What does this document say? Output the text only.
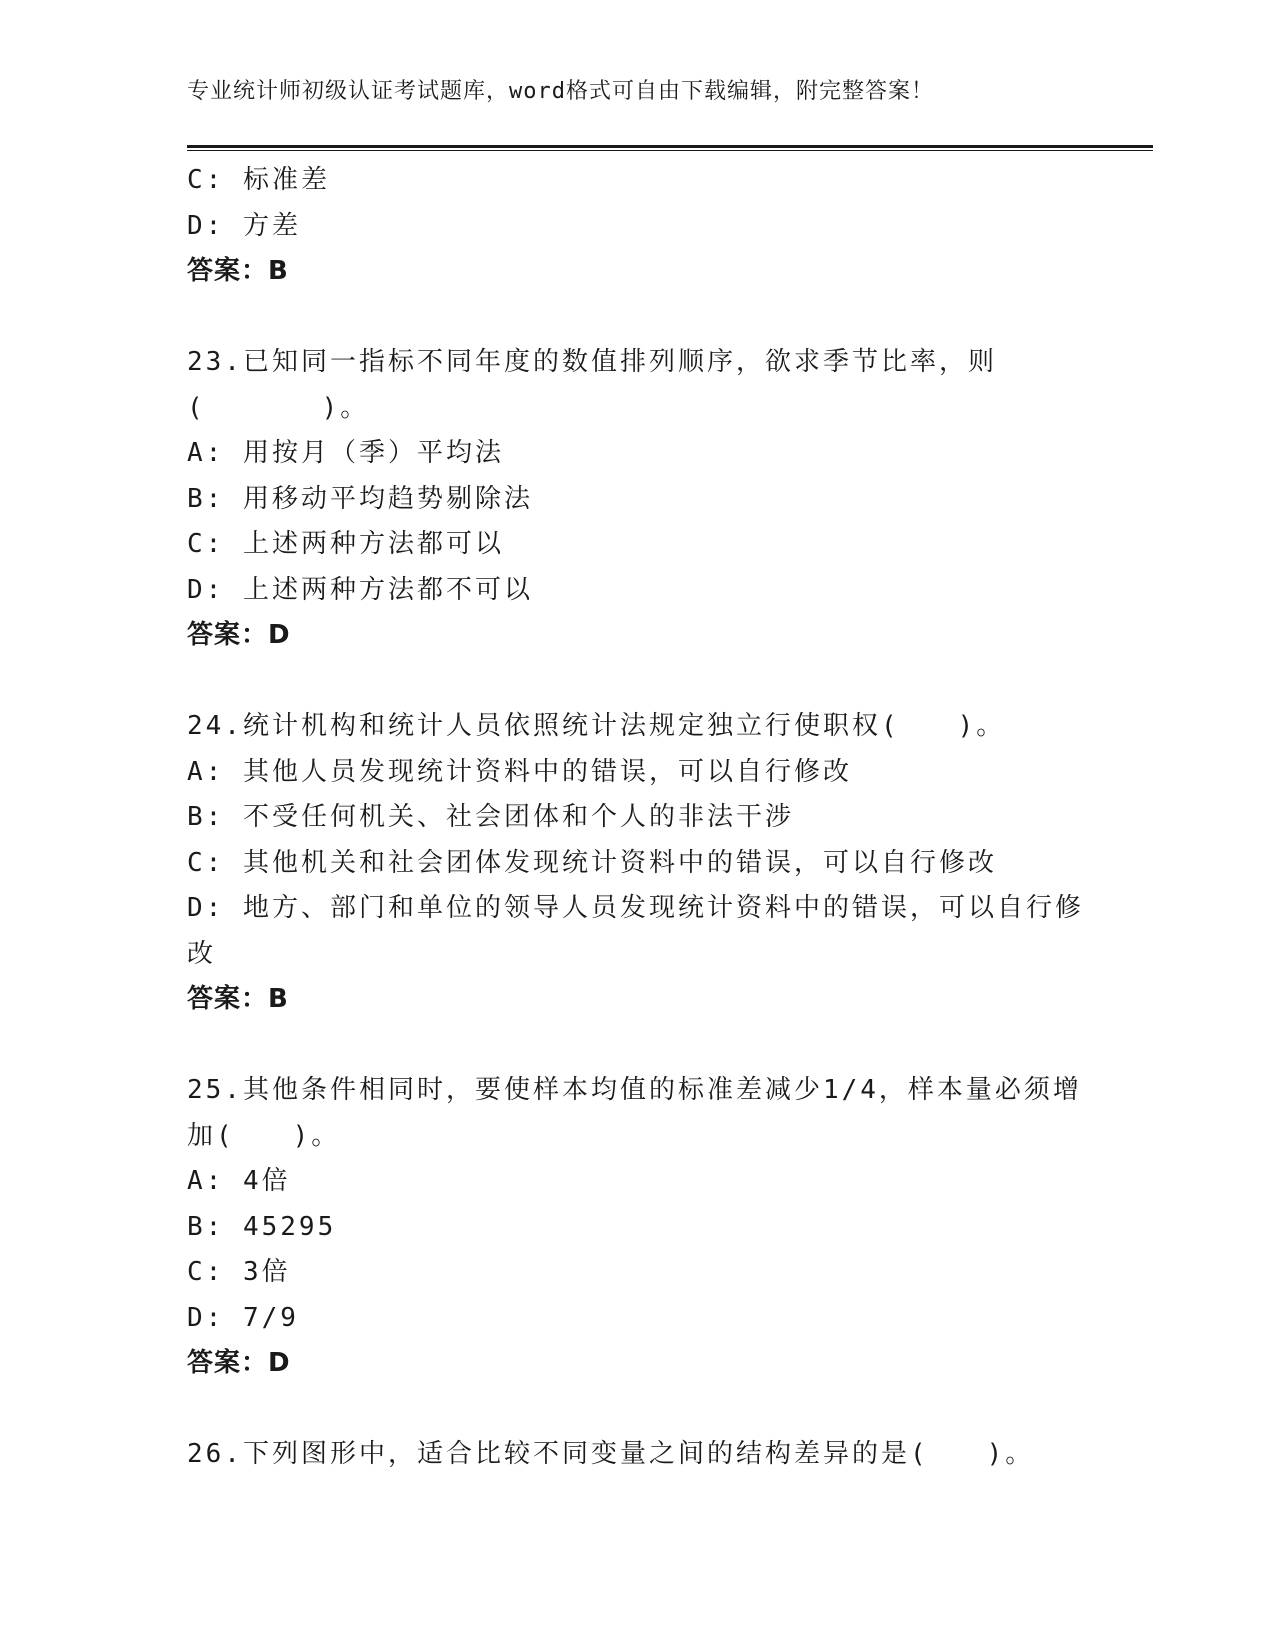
专业统计师初级认证考试题库，word格式可自由下载编辑，附完整答案！
C: 标准差
D: 方差
答案：B
23.已知同一指标不同年度的数值排列顺序，欲求季节比率，则
(　　　　)。
A: 用按月（季）平均法
B: 用移动平均趋势剔除法
C: 上述两种方法都可以
D: 上述两种方法都不可以
答案：D
24.统计机构和统计人员依照统计法规定独立行使职权(　　)。
A: 其他人员发现统计资料中的错误，可以自行修改
B: 不受任何机关、社会团体和个人的非法干涉
C: 其他机关和社会团体发现统计资料中的错误，可以自行修改
D: 地方、部门和单位的领导人员发现统计资料中的错误，可以自行修
改
答案：B
25.其他条件相同时，要使样本均值的标准差减少1/4，样本量必须增
加(　　)。
A: 4倍
B: 45295
C: 3倍
D: 7/9
答案：D
26.下列图形中，适合比较不同变量之间的结构差异的是(　　)。
